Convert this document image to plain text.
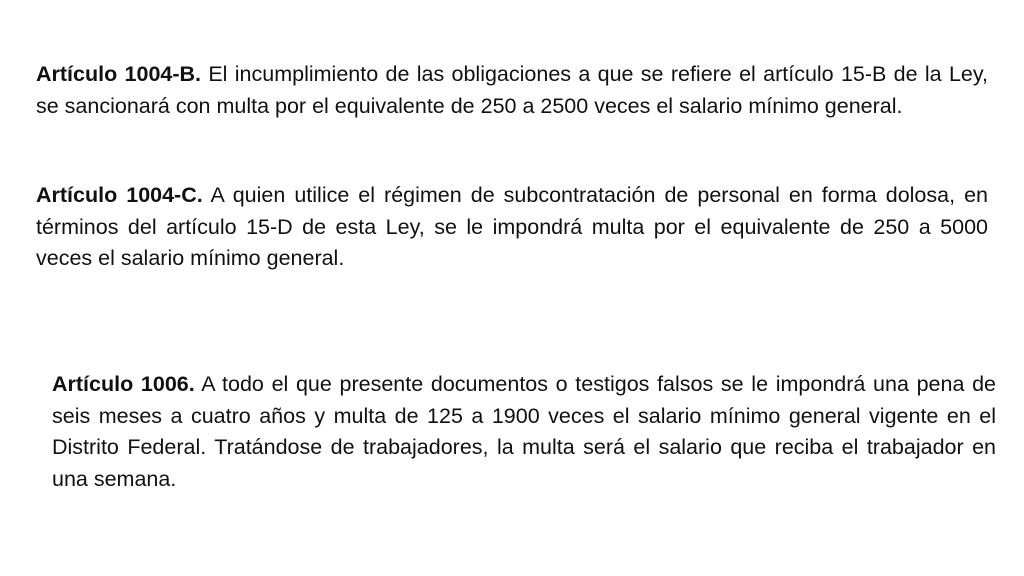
Artículo 1004-B. El incumplimiento de las obligaciones a que se refiere el artículo 15-B de la Ley, se sancionará con multa por el equivalente de 250 a 2500 veces el salario mínimo general.

Artículo 1004-C. A quien utilice el régimen de subcontratación de personal en forma dolosa, en términos del artículo 15-D de esta Ley, se le impondrá multa por el equivalente de 250 a 5000 veces el salario mínimo general.

Artículo 1006. A todo el que presente documentos o testigos falsos se le impondrá una pena de seis meses a cuatro años y multa de 125 a 1900 veces el salario mínimo general vigente en el Distrito Federal. Tratándose de trabajadores, la multa será el salario que reciba el trabajador en una semana.
